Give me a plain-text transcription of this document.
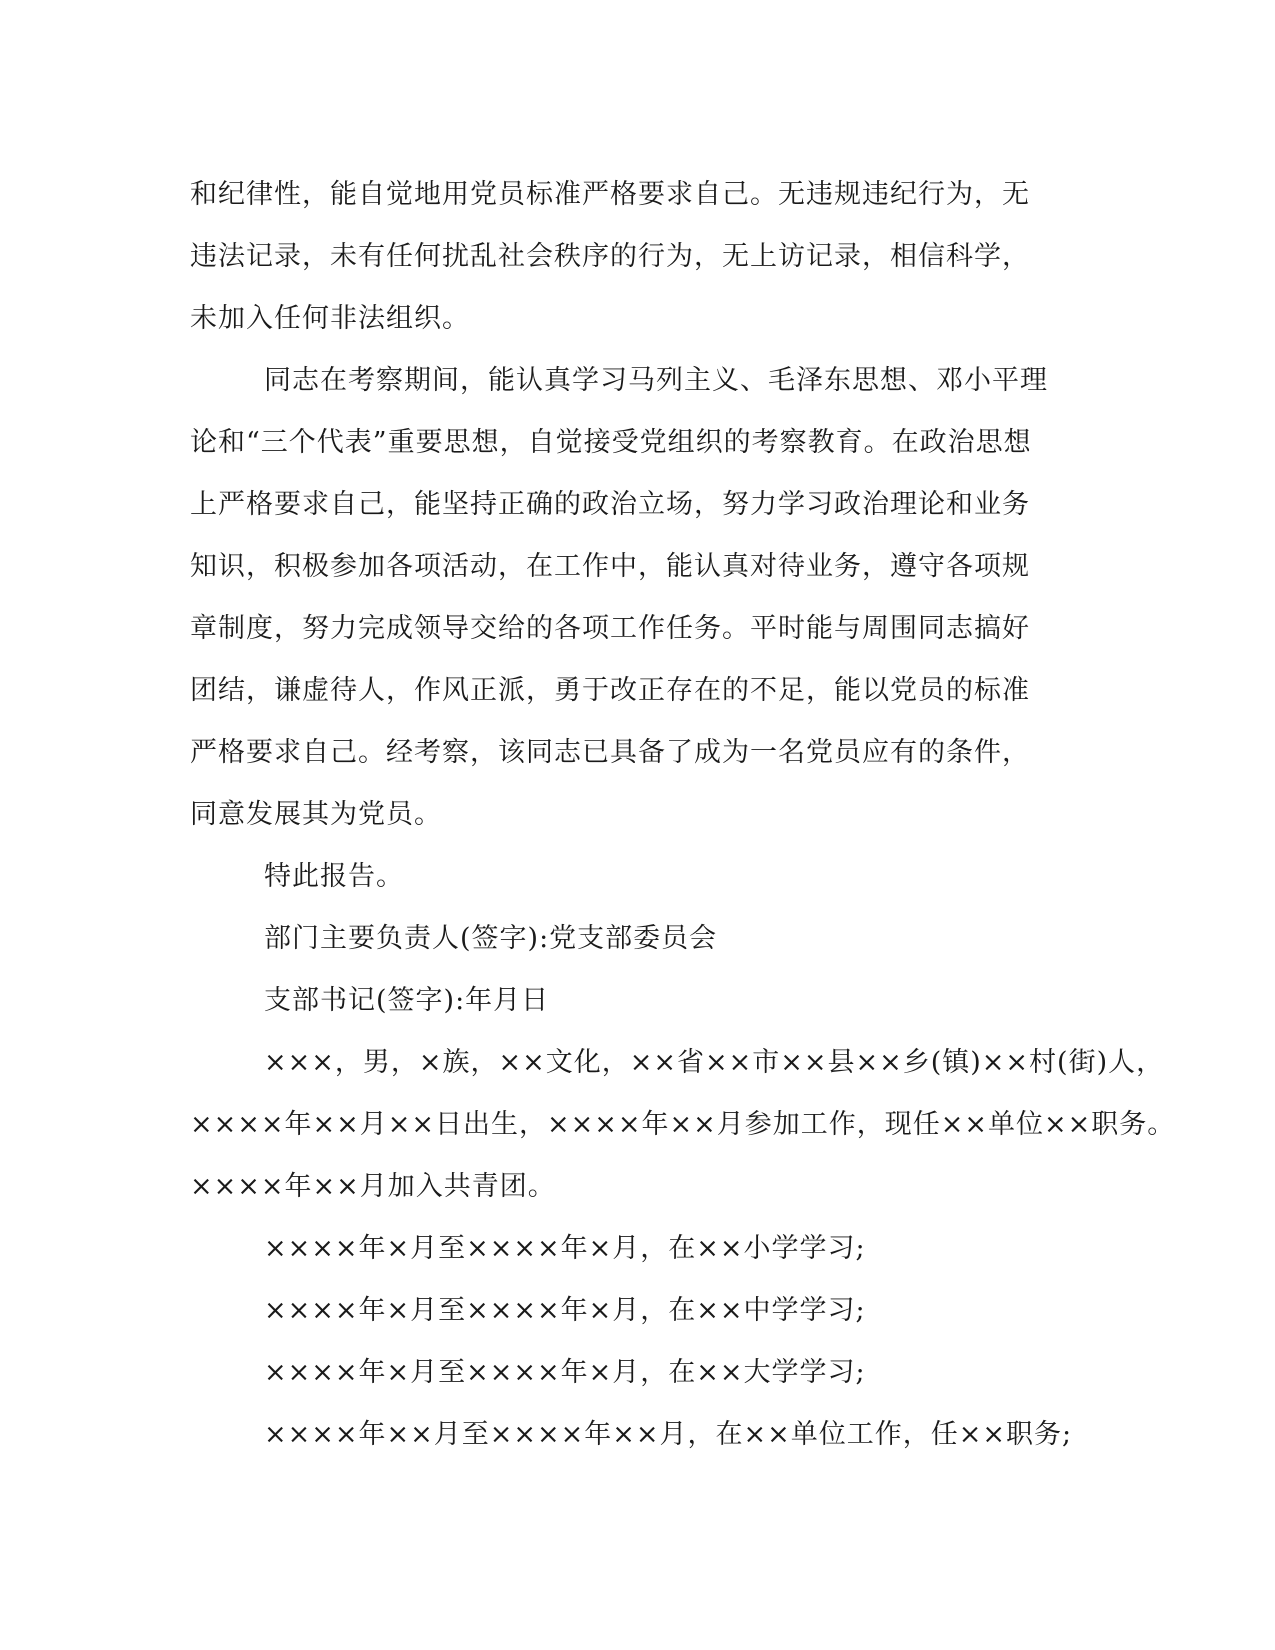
和纪律性，能自觉地用党员标准严格要求自己。无违规违纪行为，无
违法记录，未有任何扰乱社会秩序的行为，无上访记录，相信科学，
未加入任何非法组织。
同志在考察期间，能认真学习马列主义、毛泽东思想、邓小平理
论和“三个代表”重要思想，自觉接受党组织的考察教育。在政治思想
上严格要求自己，能坚持正确的政治立场，努力学习政治理论和业务
知识，积极参加各项活动，在工作中，能认真对待业务，遵守各项规
章制度，努力完成领导交给的各项工作任务。平时能与周围同志搞好
团结，谦虚待人，作风正派，勇于改正存在的不足，能以党员的标准
严格要求自己。经考察，该同志已具备了成为一名党员应有的条件，
同意发展其为党员。
特此报告。
部门主要负责人(签字):党支部委员会
支部书记(签字):年月日
×××，男，×族，××文化，××省××市××县××乡(镇)××村(街)人，
××××年××月××日出生，××××年××月参加工作，现任××单位××职务。
××××年××月加入共青团。
××××年×月至××××年×月，在××小学学习;
××××年×月至××××年×月，在××中学学习;
××××年×月至××××年×月，在××大学学习;
××××年××月至××××年××月，在××单位工作，任××职务;
